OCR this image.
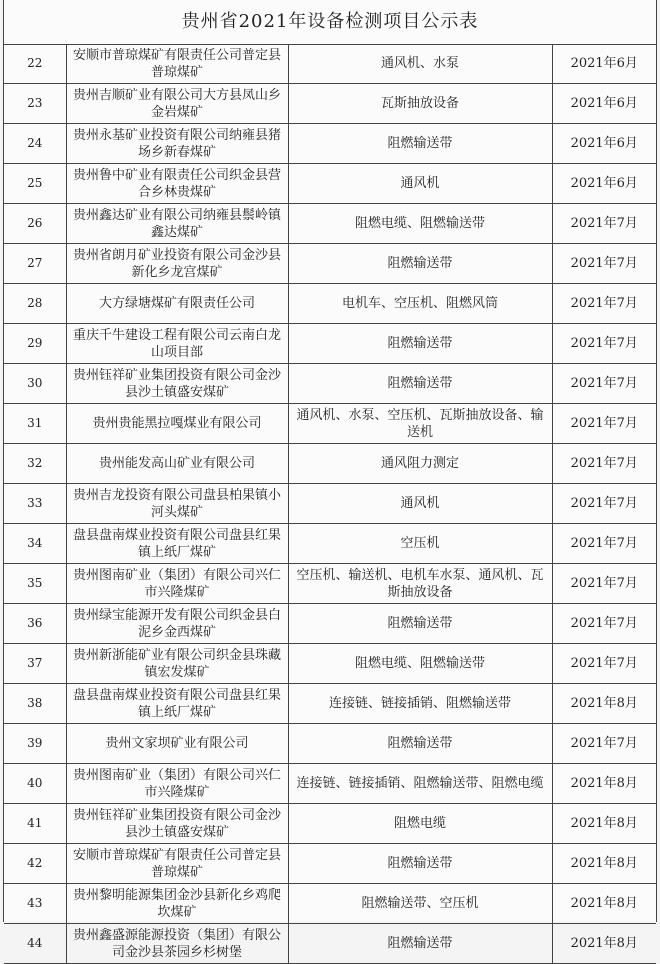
贵州省2021年设备检测项目公示表
22	安顺市普琼煤矿有限责任公司普定县普琼煤矿	通风机、水泵	2021年6月
23	贵州吉顺矿业有限公司大方县凤山乡金岩煤矿	瓦斯抽放设备	2021年6月
24	贵州永基矿业投资有限公司纳雍县猪场乡新春煤矿	阻燃输送带	2021年6月
25	贵州鲁中矿业有限责任公司织金县营合乡林贵煤矿	通风机	2021年6月
26	贵州鑫达矿业有限公司纳雍县鬃岭镇鑫达煤矿	阻燃电缆、阻燃输送带	2021年7月
27	贵州省朗月矿业投资有限公司金沙县新化乡龙宫煤矿	阻燃输送带	2021年7月
28	大方绿塘煤矿有限责任公司	电机车、空压机、阻燃风筒	2021年7月
29	重庆千牛建设工程有限公司云南白龙山项目部	阻燃输送带	2021年7月
30	贵州钰祥矿业集团投资有限公司金沙县沙土镇盛安煤矿	阻燃输送带	2021年7月
31	贵州贵能黑拉嘎煤业有限公司	通风机、水泵、空压机、瓦斯抽放设备、输送机	2021年7月
32	贵州能发高山矿业有限公司	通风阻力测定	2021年7月
33	贵州吉龙投资有限公司盘县柏果镇小河头煤矿	通风机	2021年7月
34	盘县盘南煤业投资有限公司盘县红果镇上纸厂煤矿	空压机	2021年7月
35	贵州图南矿业（集团）有限公司兴仁市兴隆煤矿	空压机、输送机、电机车水泵、通风机、瓦斯抽放设备	2021年7月
36	贵州绿宝能源开发有限公司织金县白泥乡金西煤矿	阻燃输送带	2021年7月
37	贵州新浙能矿业有限公司织金县珠藏镇宏发煤矿	阻燃电缆、阻燃输送带	2021年7月
38	盘县盘南煤业投资有限公司盘县红果镇上纸厂煤矿	连接链、链接插销、阻燃输送带	2021年8月
39	贵州文家坝矿业有限公司	阻燃输送带	2021年7月
40	贵州图南矿业（集团）有限公司兴仁市兴隆煤矿	连接链、链接插销、阻燃输送带、阻燃电缆	2021年8月
41	贵州钰祥矿业集团投资有限公司金沙县沙土镇盛安煤矿	阻燃电缆	2021年8月
42	安顺市普琼煤矿有限责任公司普定县普琼煤矿	阻燃输送带	2021年8月
43	贵州黎明能源集团金沙县新化乡鸡爬坎煤矿	阻燃输送带、空压机	2021年8月
44	贵州鑫盛源能源投资（集团）有限公司金沙县茶园乡杉树堡	阻燃输送带	2021年8月
